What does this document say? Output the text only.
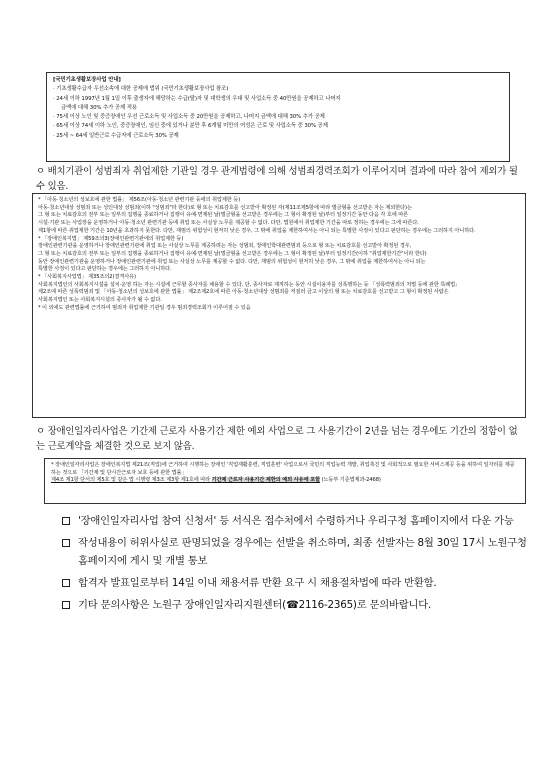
[국민기초생활보장사업 안내]
· 기초생활수급자 우선소속에 대한 공제에 법위 (국민기초생활보장사업 참조)
· 24세 이하 1997년 1월 1일 이후 출생자에 해당하는 수급(탈)자 및 대학생의 우대 및 사업소득 중 40만원을 공제하고 나머지
금액에 대해 30% 추가 공제 적용
· 75세 이상 노인 및 중증장애인 우선 근로소득 및 사업소득 중 20만원을 공제하고, 나머지 금액에 대해 30% 추가 공제
· 65세 이상 74세 이하 노인, 중증장애인, 임신 중에 있거나 분만 후 6개월 미만의 여성은 근로 및 사업소득 중 30% 공제
· 25세 ~ 64세 일반근로 수급자에 근로소득 30% 공제
ㅇ 배치기관이 성범죄자 취업제한 기관일 경우 관계법령에 의해 성범죄경력조회가 이루어지며 결과에 따라 참여 제외가 될 수 있음.
* 「아동·청소년의 성보호에 관한 법률」 제56조(아동·청소년 관련기관 등에의 취업제한 등)
아동·청소년대상 성범죄 또는 성인대상 성범죄(이하 "성범죄"라 한다)로 형 또는 치료감호를 선고받아 확정된 자(제11조제5항에 따라 벌금형을 선고받은 자는 제외한다)는
그 형 또는 치료감호의 전부 또는 일부의 집행을 종료하거나 집행이 유예·면제된 날(벌금형을 선고받은 경우에는 그 형이 확정된 날)부터 일정기간 동안 다음 각 호에 따른
시설·기관 또는 사업장을 운영하거나 아동·청소년 관련기관 등에 취업 또는 사실상 노무를 제공할 수 없다. 다만, 법원에서 취업제한 기간을 따로 정하는 경우에는 그에 따른다.
제1항에 따른 취업제한 기간은 10년을 초과하지 못한다. 다만, 재범의 위험성이 현저히 낮은 경우, 그 밖에 취업을 제한하여서는 아니 되는 특별한 사정이 있다고 판단하는 경우에는 그러하지 아니하다.
* 「장애인복지법」 제59조의3(장애인관련기관에의 취업제한 등)
장애인관련기관을 운영하거나 장애인관련기관에 취업 또는 사실상 노무를 제공하려는 자는 성범죄, 장애인학대관련범죄 등으로 형 또는 치료감호를 선고받아 확정된 경우,
그 형 또는 치료감호의 전부 또는 일부의 집행을 종료하거나 집행이 유예·면제된 날(벌금형을 선고받은 경우에는 그 형이 확정된 날)부터 일정기간(이하 "취업제한기간"이라 한다)
동안 장애인관련기관을 운영하거나 장애인관련기관에 취업 또는 사실상 노무를 제공할 수 없다. 다만, 재범의 위험성이 현저히 낮은 경우, 그 밖에 취업을 제한하여서는 아니 되는
특별한 사정이 있다고 판단하는 경우에는 그러하지 아니하다.
* 「사회복지사업법」 제35조의2(결격사유)
사회복지법인의 사회복지시설을 설치·운영 하는 자는 시설에 근무할 종사자를 채용할 수 있다. 단, 종사자로 재직하는 동안 시설이용자를 성폭행하는 등 「성폭력범죄의 처벌 등에 관한 특례법」
제2조에 따른 성폭력범죄 및 「아동·청소년의 성보호에 관한 법률」 제2조제2호에 따른 아동·청소년대상 성범죄를 저질러 금고 이상의 형 또는 치료감호를 선고받고 그 형이 확정된 사람은
사회복지법인 또는 사회복지시설의 종사자가 될 수 없다.
* 이 외에도 관련법률에 근거하여 범죄자 취업제한 기관일 경우 범죄경력조회가 이루어질 수 있음
ㅇ 장애인일자리사업은 기간제 근로자 사용기간 제한 예외 사업으로 그 사용기간이 2년을 넘는 경우에도 기간의 정함이 없는 근로계약을 체결한 것으로 보지 않음.
* 장애인일자리사업은 장애인복지법 제21조(직업)에 근거하여 시행하는 장애인 '직업재활훈련, 직업훈련' 사업으로서 국민의 직업능력 개발, 취업촉진 및 사회적으로 필요한 서비스제공 등을 위하여 일자리를 제공하는 것으로 「기간제 및 단시간근로자 보호 등에 관한 법률」
제4조 제1항 단서의 제5호 및 같은 법 시행령 제3조 제3항 제1호에 따라 기간제 근로자 사용기간 제한의 예외 사유에 포함 (노동부 기준법제과-2468)
'장애인일자리사업 참여 신청서' 등 서식은 접수처에서 수령하거나 우리구청 홈페이지에서 다운 가능
작성내용이 허위사실로 판명되었을 경우에는 선발을 취소하며, 최종 선발자는 8월 30일 17시 노원구청 홈페이지에 게시 및 개별 통보
합격자 발표일로부터 14일 이내 채용서류 반환 요구 시 채용절차법에 따라 반환함.
기타 문의사항은 노원구 장애인일자리지원센터(☎2116-2365)로 문의바랍니다.
